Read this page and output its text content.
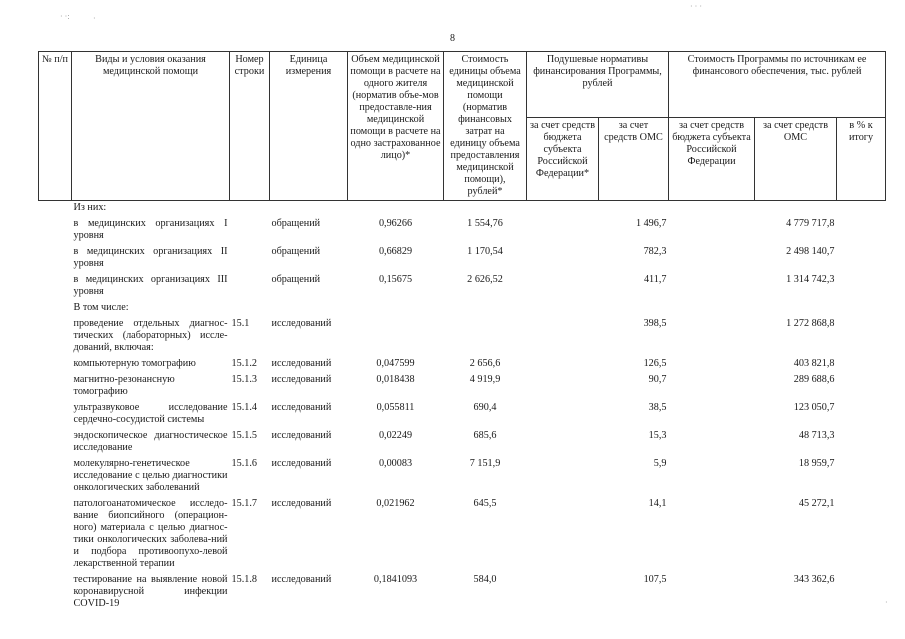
· ·:	·
· · ·
·
8
№ п/п	Виды и условия оказания медицинской помощи	Номер строки	Единица измерения	Объем медицинской помощи в расчете на одного жителя (норматив объе-мов предоставле-ния медицинской помощи в расчете на одно застрахованное лицо)*	Стоимость единицы объема медицинской помощи (норматив финансовых затрат на единицу объема предоставления медицинской помощи), рублей*	Подушевые нормативы финансирования Программы, рублей		Стоимость Программы по источникам ее финансового обеспечения, тыс. рублей		
						за счет средств бюджета субъекта Российской Федерации*	за счет средств ОМС	за счет средств бюджета субъекта Российской Федерации	за счет средств ОМС	в % к итогу
	Из них:									
	в медицинских организациях I уровня		обращений	0,96266	1 554,76		1 496,7		4 779 717,8	
	в медицинских организациях II уровня		обращений	0,66829	1 170,54		782,3		2 498 140,7	
	в медицинских организациях III уровня		обращений	0,15675	2 626,52		411,7		1 314 742,3	
	В том числе:									
	проведение отдельных диагнос-тических (лабораторных) иссле-дований, включая:	15.1	исследований				398,5		1 272 868,8	
	компьютерную томографию	15.1.2	исследований	0,047599	2 656,6		126,5		403 821,8	
	магнитно-резонансную томографию	15.1.3	исследований	0,018438	4 919,9		90,7		289 688,6	
	ультразвуковое исследование сердечно-сосудистой системы	15.1.4	исследований	0,055811	690,4		38,5		123 050,7	
	эндоскопическое диагностическое исследование	15.1.5	исследований	0,02249	685,6		15,3		48 713,3	
	молекулярно-генетическое исследование с целью диагностики онкологических заболеваний	15.1.6	исследований	0,00083	7 151,9		5,9		18 959,7	
	патологоанатомическое исследо-вание биопсийного (операцион-ного) материала с целью диагнос-тики онкологических заболева-ний и подбора противоопухо-левой лекарственной терапии	15.1.7	исследований	0,021962	645,5		14,1		45 272,1	
	тестирование на выявление новой коронавирусной инфекции COVID-19	15.1.8	исследований	0,1841093	584,0		107,5		343 362,6	
